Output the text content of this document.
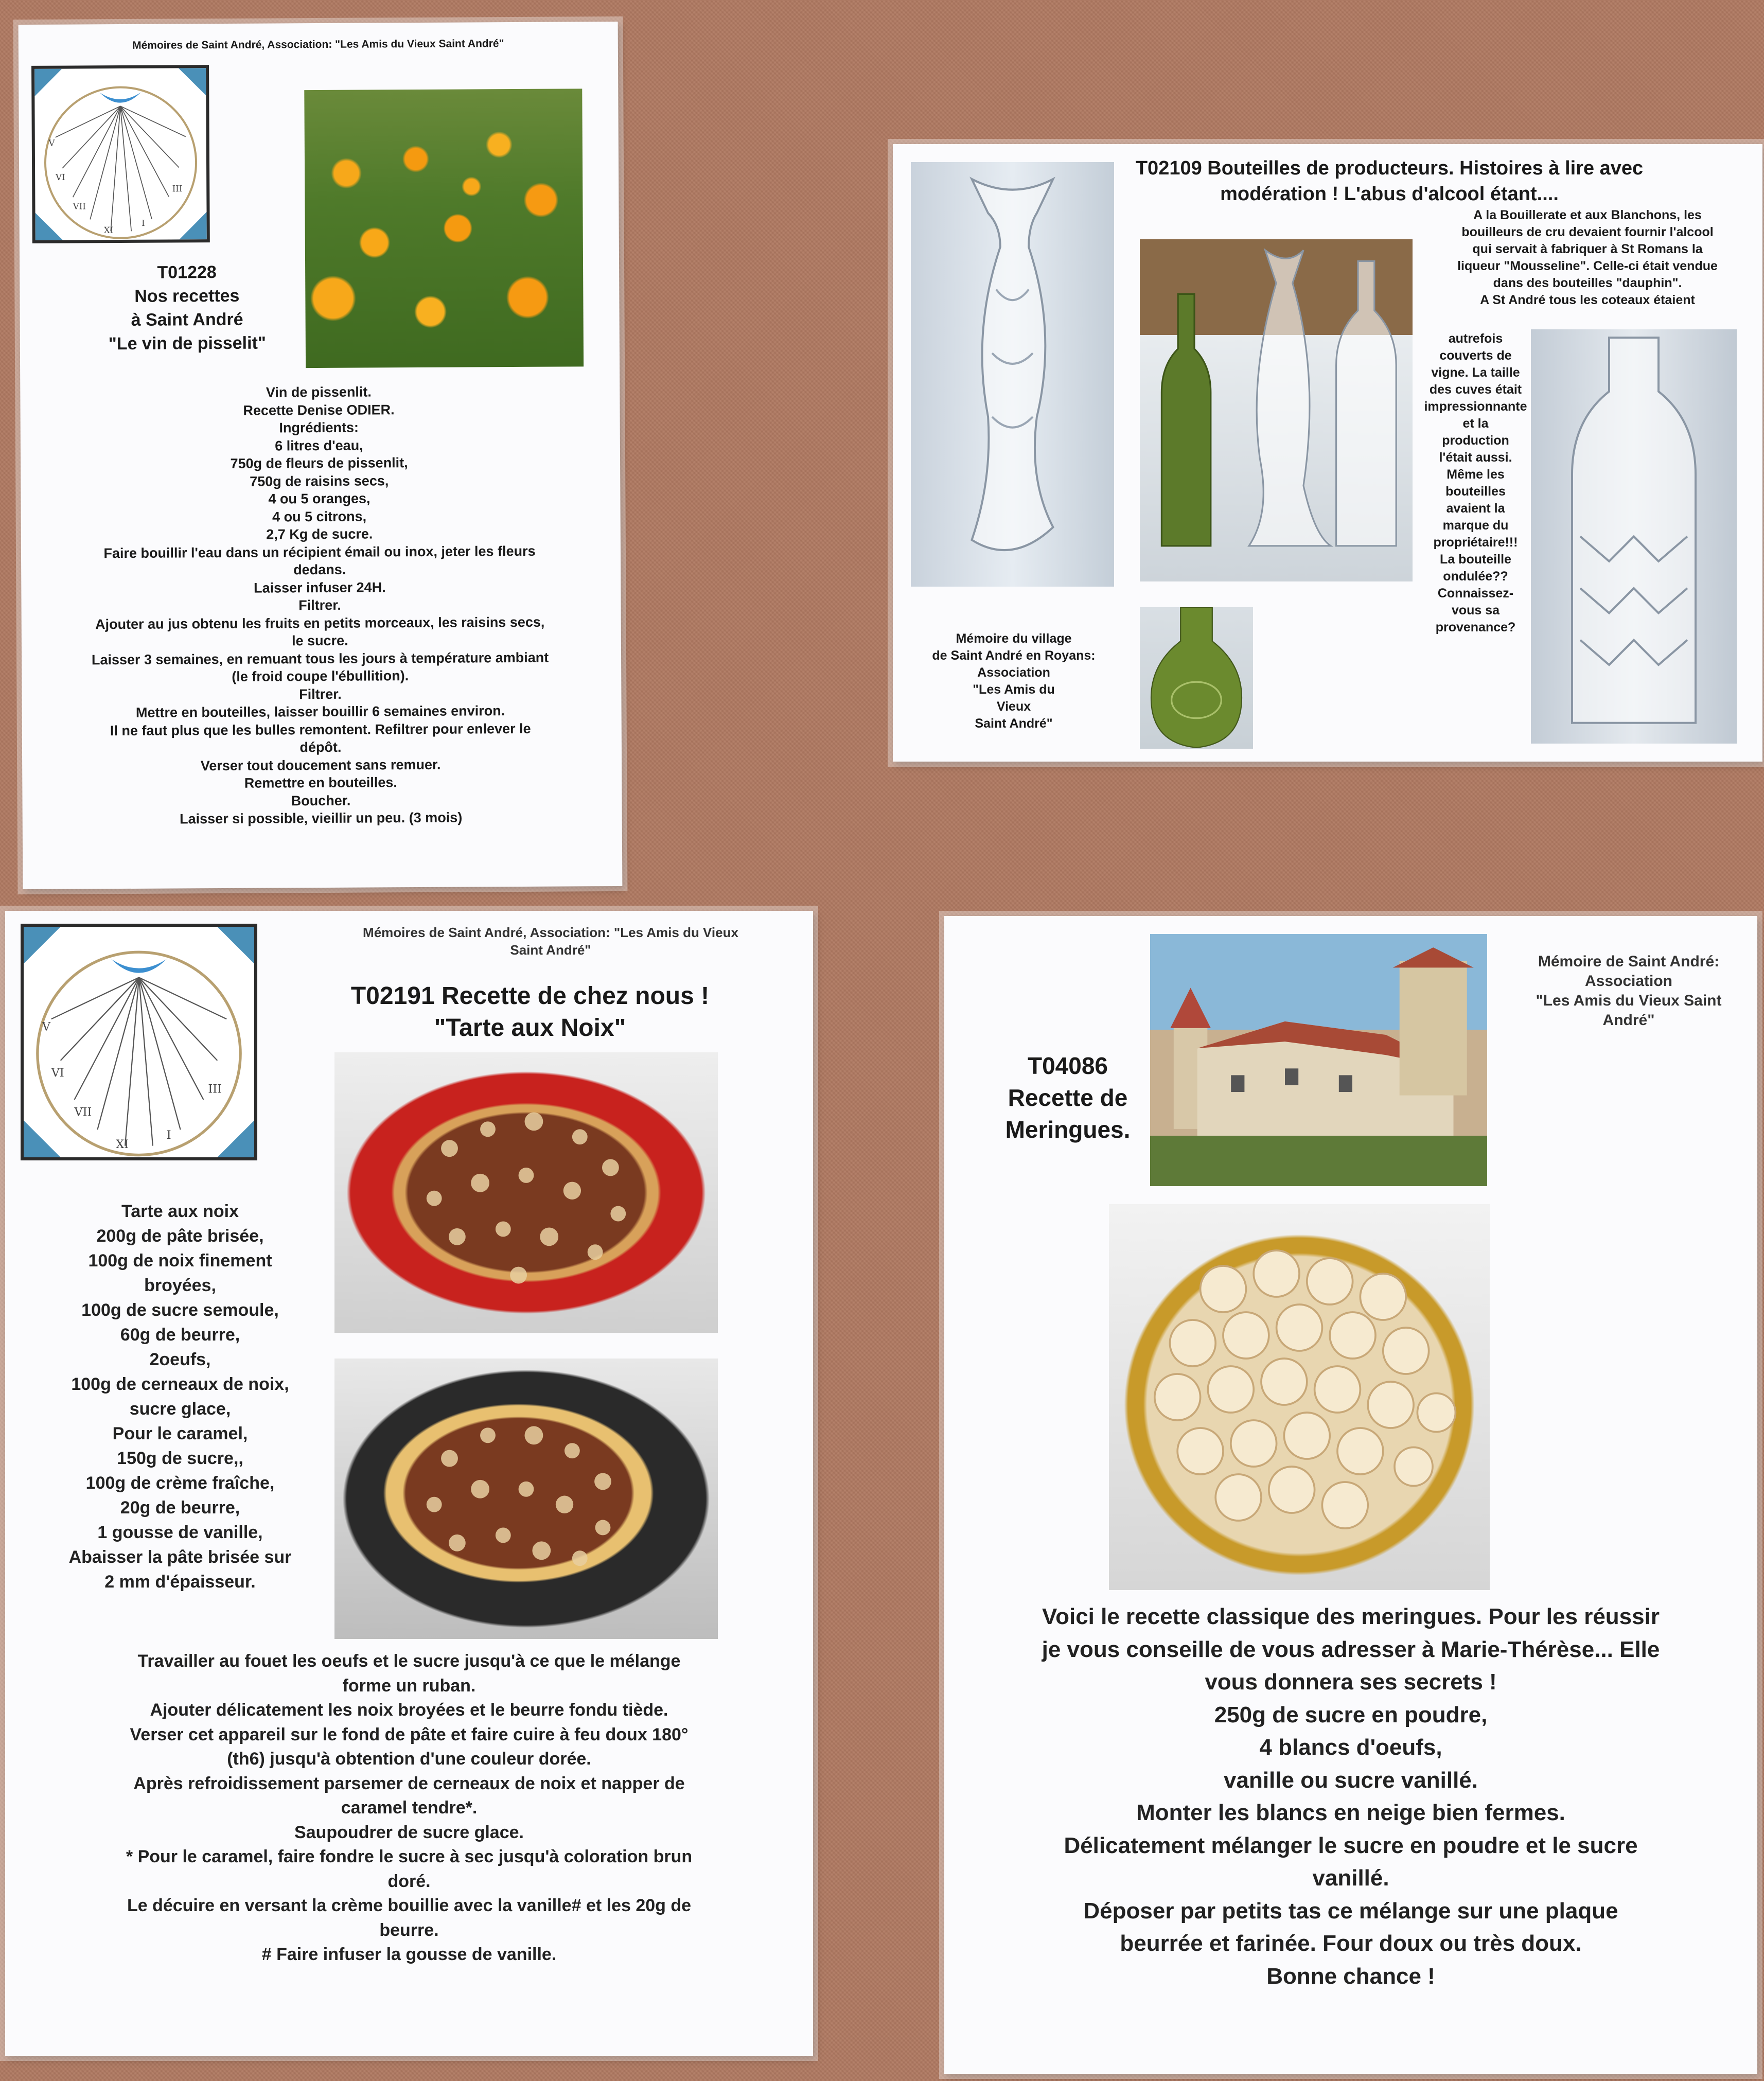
Mémoires de Saint André, Association: "Les Amis du Vieux Saint André"

V
VI
VII
XI
I
III
T01228
Nos recettes
à Saint André
"Le vin de pisselit"
Vin de pissenlit.
Recette Denise ODIER.
Ingrédients:
6 litres d'eau,
750g de fleurs de pissenlit,
750g de raisins secs,
4 ou 5 oranges,
4 ou 5 citrons,
2,7 Kg de sucre.
Faire bouillir l'eau dans un récipient émail ou inox, jeter les fleurs
dedans.
Laisser infuser 24H.
Filtrer.
Ajouter au jus obtenu les fruits en petits morceaux, les raisins secs,
le sucre.
Laisser 3 semaines, en remuant tous les jours à température ambiant
(le froid coupe l'ébullition).
Filtrer.
Mettre en bouteilles, laisser bouillir 6 semaines environ.
Il ne faut plus que les bulles remontent. Refiltrer pour enlever le
dépôt.
Verser tout doucement sans remuer.
Remettre en bouteilles.
Boucher.
Laisser si possible, vieillir un peu. (3 mois)
T02109 Bouteilles de producteurs. Histoires à lire avec
modération ! L'abus d'alcool étant....
A la Bouillerate et aux Blanchons, les
bouilleurs de cru devaient fournir l'alcool
qui servait à fabriquer à St Romans la
liqueur "Mousseline". Celle-ci était vendue
dans des bouteilles "dauphin".
A St André tous les coteaux étaient
autrefois
couverts de
vigne. La taille
des cuves était
impressionnante
et la
production
l'était aussi.
Même les
bouteilles
avaient la
marque du
propriétaire!!!
La bouteille
ondulée??
Connaissez-
vous sa
provenance?
Mémoire du village
de Saint André en Royans:
Association
"Les Amis du
Vieux
Saint André"
Mémoires de Saint André, Association: "Les Amis du Vieux
Saint André"
V
VI
VII
XI
I
III
T02191 Recette de chez nous !
"Tarte aux Noix"
Tarte aux noix
200g de pâte brisée,
100g de noix finement
broyées,
100g de sucre semoule,
60g de beurre,
2oeufs,
100g de cerneaux de noix,
sucre glace,
Pour le caramel,
150g de sucre,,
100g de crème fraîche,
20g de beurre,
1 gousse de vanille,
Abaisser la pâte brisée sur
2 mm d'épaisseur.
Travailler au fouet les oeufs et le sucre jusqu'à ce que le mélange
forme un ruban.
Ajouter délicatement les noix broyées et le beurre fondu tiède.
Verser cet appareil sur le fond de pâte et faire cuire à feu doux 180°
(th6) jusqu'à obtention d'une couleur dorée.
Après refroidissement parsemer de cerneaux de noix et napper de
caramel tendre*.
Saupoudrer de sucre glace.
* Pour le caramel, faire fondre le sucre à sec jusqu'à coloration brun
doré.
Le décuire en versant la crème bouillie avec la vanille# et les 20g de
beurre.
# Faire infuser la gousse de vanille.
Mémoire de Saint André:
Association
"Les Amis du Vieux Saint
André"
T04086
Recette de
Meringues.
Voici le recette classique des meringues. Pour les réussir
je vous conseille de vous adresser à Marie-Thérèse... Elle
vous donnera ses secrets !
250g de sucre en poudre,
4 blancs d'oeufs,
vanille ou sucre vanillé.
Monter les blancs en neige bien fermes.
Délicatement mélanger le sucre en poudre et le sucre
vanillé.
Déposer par petits tas ce mélange sur une plaque
beurrée et farinée. Four doux ou très doux.
Bonne chance !
